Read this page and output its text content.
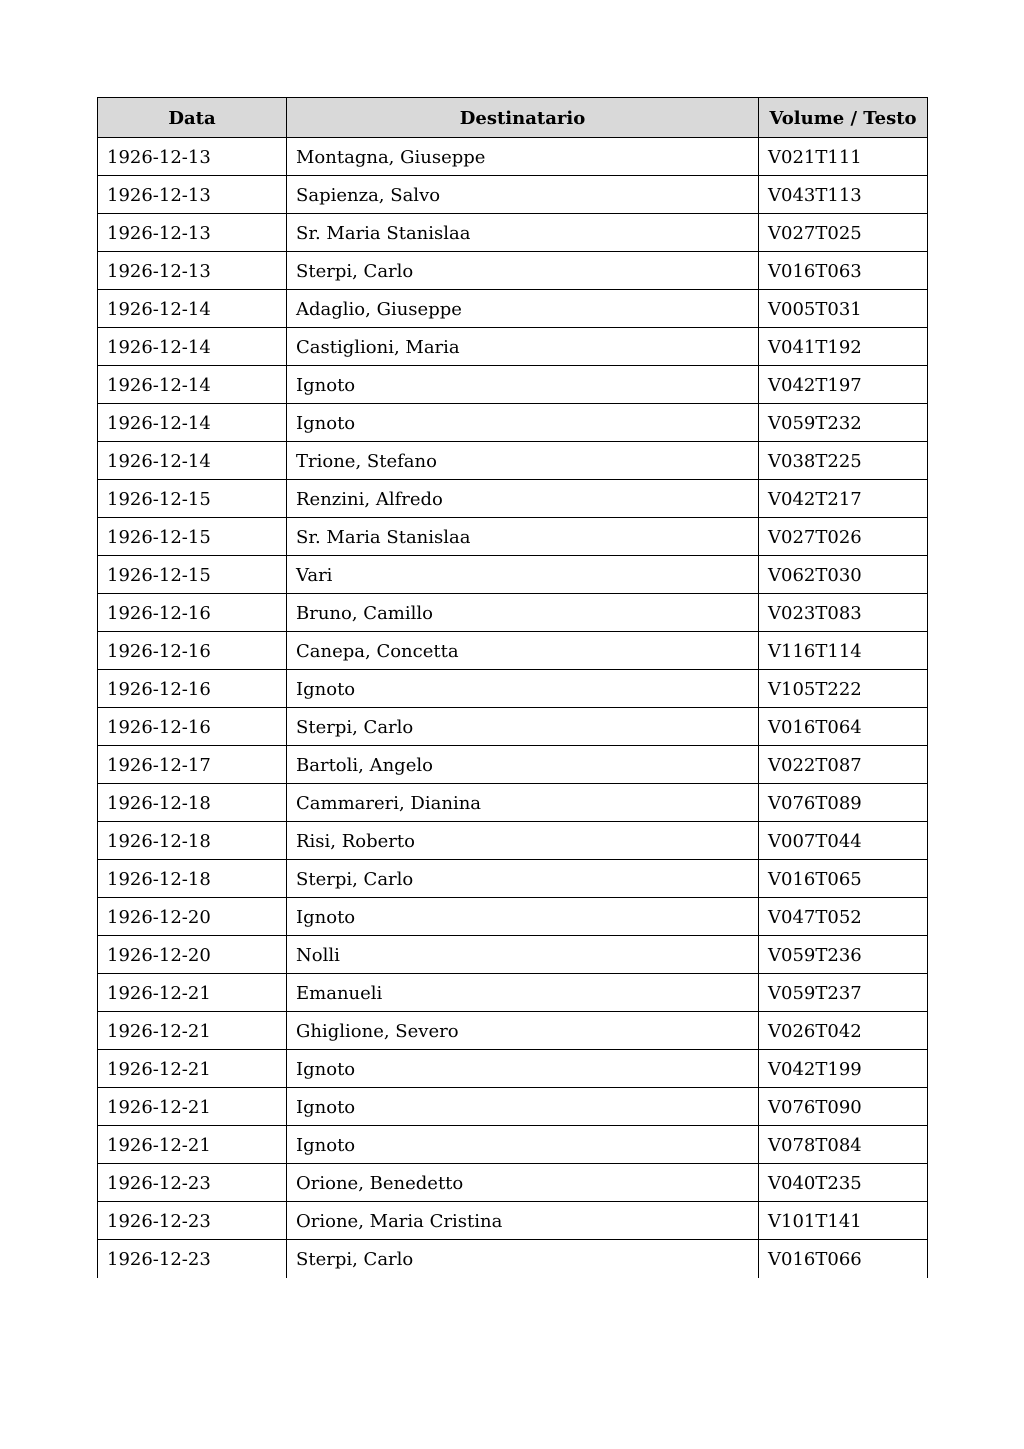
Data	Destinatario	Volume / Testo
1926-12-13	Montagna, Giuseppe	V021T111
1926-12-13	Sapienza, Salvo	V043T113
1926-12-13	Sr. Maria Stanislaa	V027T025
1926-12-13	Sterpi, Carlo	V016T063
1926-12-14	Adaglio, Giuseppe	V005T031
1926-12-14	Castiglioni, Maria	V041T192
1926-12-14	Ignoto	V042T197
1926-12-14	Ignoto	V059T232
1926-12-14	Trione, Stefano	V038T225
1926-12-15	Renzini, Alfredo	V042T217
1926-12-15	Sr. Maria Stanislaa	V027T026
1926-12-15	Vari	V062T030
1926-12-16	Bruno, Camillo	V023T083
1926-12-16	Canepa, Concetta	V116T114
1926-12-16	Ignoto	V105T222
1926-12-16	Sterpi, Carlo	V016T064
1926-12-17	Bartoli, Angelo	V022T087
1926-12-18	Cammareri, Dianina	V076T089
1926-12-18	Risi, Roberto	V007T044
1926-12-18	Sterpi, Carlo	V016T065
1926-12-20	Ignoto	V047T052
1926-12-20	Nolli	V059T236
1926-12-21	Emanueli	V059T237
1926-12-21	Ghiglione, Severo	V026T042
1926-12-21	Ignoto	V042T199
1926-12-21	Ignoto	V076T090
1926-12-21	Ignoto	V078T084
1926-12-23	Orione, Benedetto	V040T235
1926-12-23	Orione, Maria Cristina	V101T141
1926-12-23	Sterpi, Carlo	V016T066
